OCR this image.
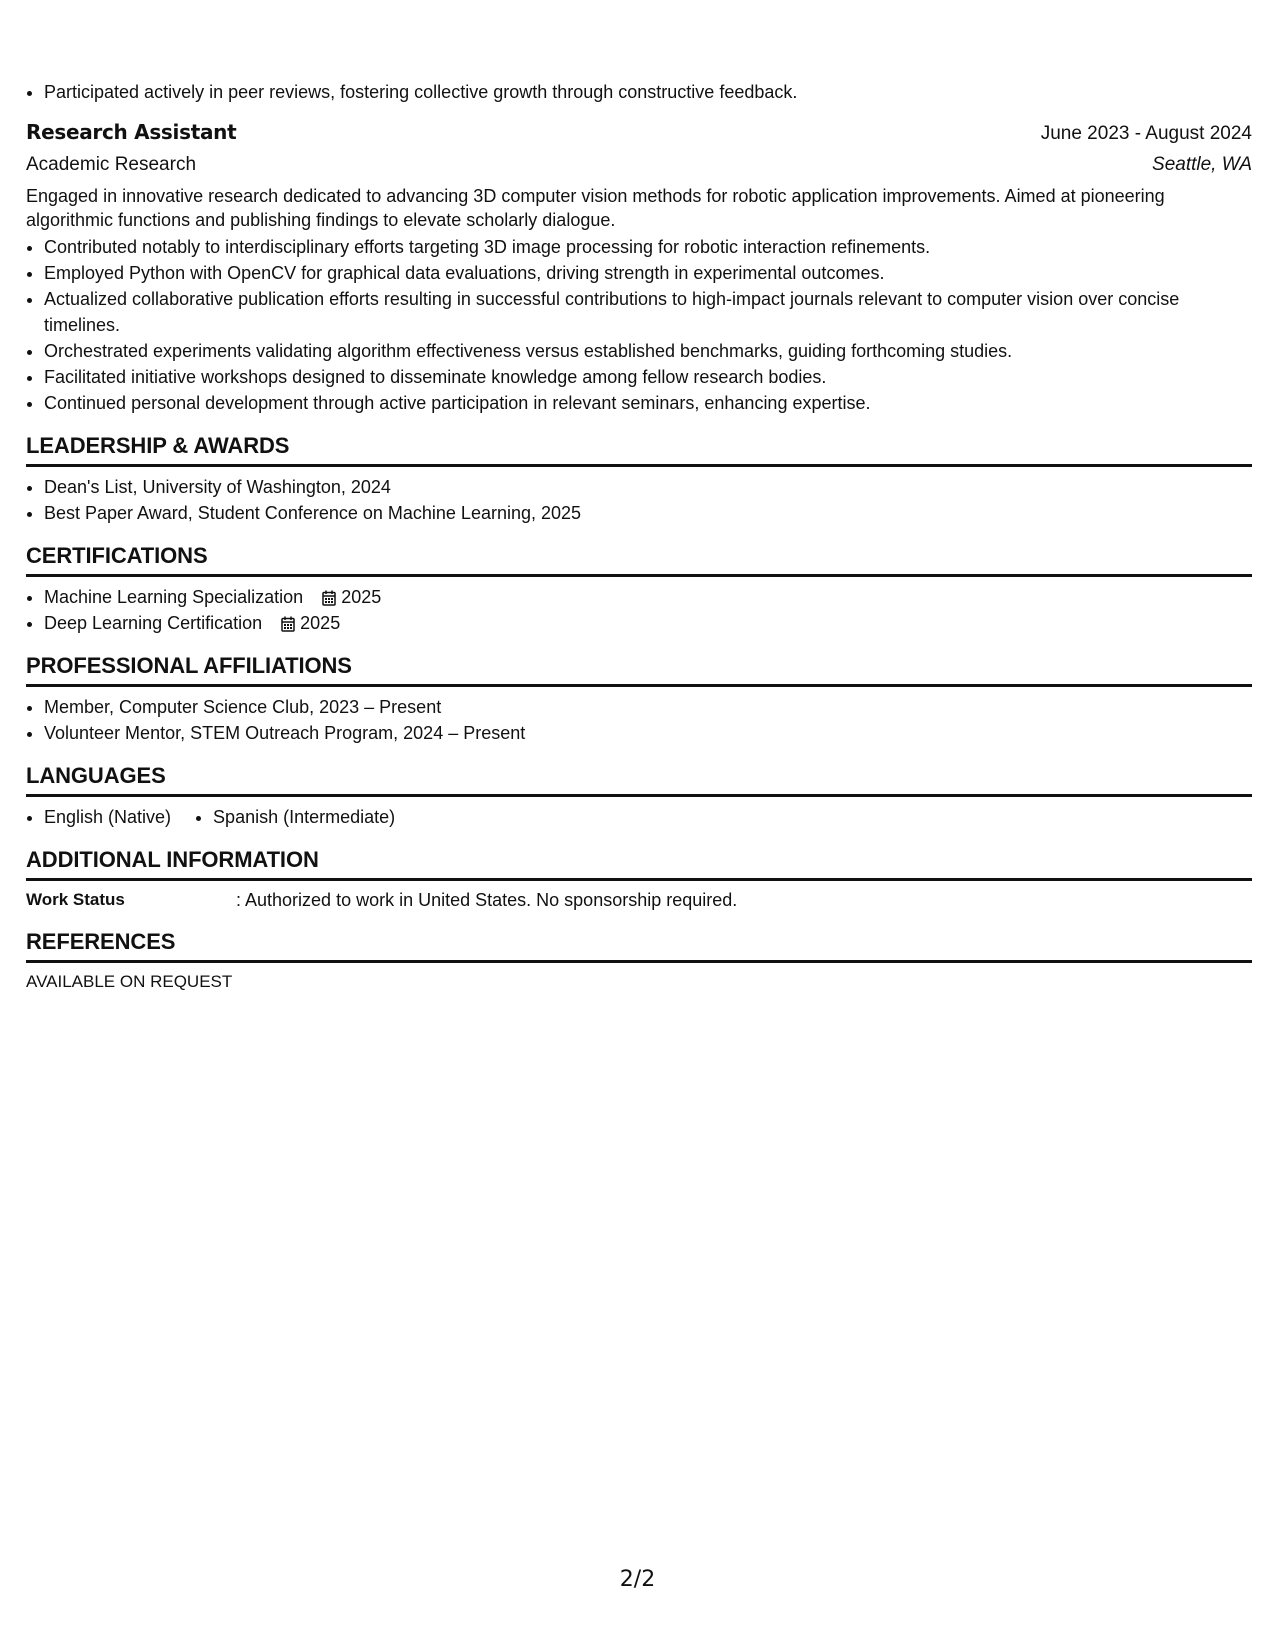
• Participated actively in peer reviews, fostering collective growth through constructive feedback.
Research Assistant	June 2023 - August 2024
Academic Research	Seattle, WA
Engaged in innovative research dedicated to advancing 3D computer vision methods for robotic application improvements. Aimed at pioneering algorithmic functions and publishing findings to elevate scholarly dialogue.
• Contributed notably to interdisciplinary efforts targeting 3D image processing for robotic interaction refinements.
• Employed Python with OpenCV for graphical data evaluations, driving strength in experimental outcomes.
• Actualized collaborative publication efforts resulting in successful contributions to high-impact journals relevant to computer vision over concise timelines.
• Orchestrated experiments validating algorithm effectiveness versus established benchmarks, guiding forthcoming studies.
• Facilitated initiative workshops designed to disseminate knowledge among fellow research bodies.
• Continued personal development through active participation in relevant seminars, enhancing expertise.
LEADERSHIP & AWARDS
• Dean's List, University of Washington, 2024
• Best Paper Award, Student Conference on Machine Learning, 2025
CERTIFICATIONS
• Machine Learning Specialization 2025
• Deep Learning Certification 2025
PROFESSIONAL AFFILIATIONS
• Member, Computer Science Club, 2023 – Present
• Volunteer Mentor, STEM Outreach Program, 2024 – Present
LANGUAGES
• English (Native)
• Spanish (Intermediate)
ADDITIONAL INFORMATION
Work Status	: Authorized to work in United States. No sponsorship required.
REFERENCES
AVAILABLE ON REQUEST
2/2
